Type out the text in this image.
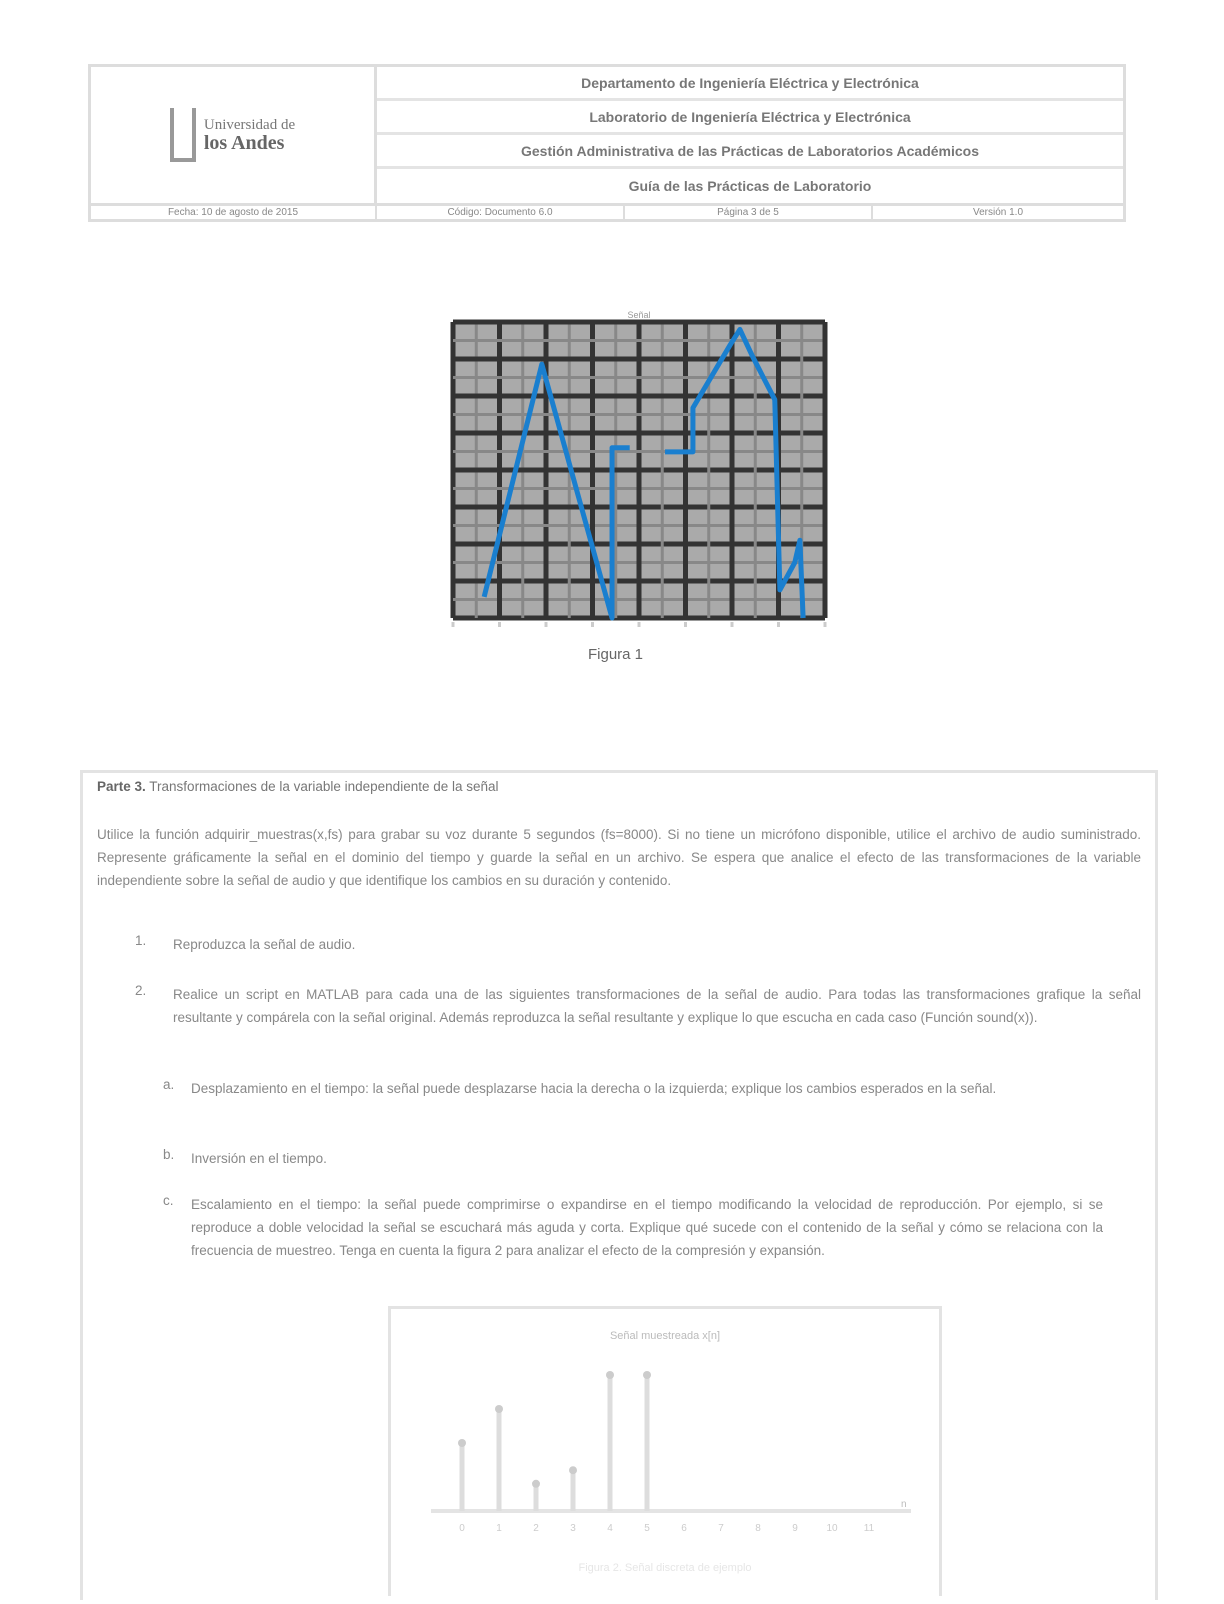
Universidad de
los Andes
Departamento de Ingeniería Eléctrica y Electrónica
Laboratorio de Ingeniería Eléctrica y Electrónica
Gestión Administrativa de las Prácticas de Laboratorios Académicos
Guía de las Prácticas de Laboratorio
Fecha: 10 de agosto de 2015	Código: Documento 6.0	Página 3 de 5	Versión 1.0
Señal
Figura 1
Parte 3. Transformaciones de la variable independiente de la señal

Utilice la función adquirir_muestras(x,fs) para grabar su voz durante 5 segundos (fs=8000). Si no tiene un micrófono disponible, utilice el archivo de audio suministrado. Represente gráficamente la señal en el dominio del tiempo y guarde la señal en un archivo. Se espera que analice el efecto de las transformaciones de la variable independiente sobre la señal de audio y que identifique los cambios en su duración y contenido.

1.	Reproduzca la señal de audio.

2.	Realice un script en MATLAB para cada una de las siguientes transformaciones de la señal de audio. Para todas las transformaciones grafique la señal resultante y compárela con la señal original. Además reproduzca la señal resultante y explique lo que escucha en cada caso (Función sound(x)).

a.	Desplazamiento en el tiempo: la señal puede desplazarse hacia la derecha o la izquierda; explique los cambios esperados en la señal.

b.	Inversión en el tiempo.

c.	Escalamiento en el tiempo: la señal puede comprimirse o expandirse en el tiempo modificando la velocidad de reproducción. Por ejemplo, si se reproduce a doble velocidad la señal se escuchará más aguda y corta. Explique qué sucede con el contenido de la señal y cómo se relaciona con la frecuencia de muestreo. Tenga en cuenta la figura 2 para analizar el efecto de la compresión y expansión.

Señal muestreada x[n]
n
0	1	2	3	4	5	6	7	8	9	10	11
Figura 2. Señal discreta de ejemplo
